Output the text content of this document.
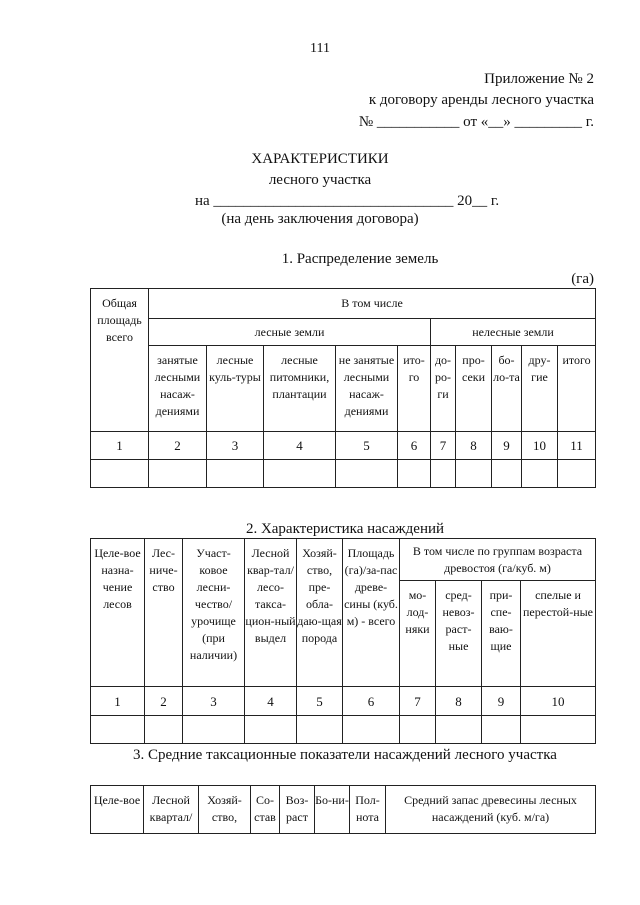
111
Приложение № 2
к договору аренды лесного участка
№ ___________ от «__» _________ г.
ХАРАКТЕРИСТИКИ
лесного участка
на ________________________________ 20__ г.
(на день заключения договора)
1. Распределение земель
(га)
Общая площадь всего	В том числе									
	лесные земли					нелесные земли				
	занятые лесными насаж-дениями	лесные куль-туры	лесные питомники, плантации	не занятые лесными насаж-дениями	ито-го	до-ро-ги	про-секи	бо-ло-та	дру-гие	итого
1	2	3	4	5	6	7	8	9	10	11

2. Характеристика насаждений
Целе-вое назна-чение лесов	Лес-ниче-ство	Участ-ковое лесни-чество/ урочище (при наличии)	Лесной квар-тал/ лесо-такса-цион-ный выдел	Хозяй-ство, пре-обла-даю-щая порода	Площадь (га)/за-пас древе-сины (куб. м) - всего	В том числе по группам возраста древостоя (га/куб. м)			
						мо-лод-няки	сред-невоз-раст-ные	при-спе-ваю-щие	спелые и перестой-ные
1	2	3	4	5	6	7	8	9	10

3. Средние таксационные показатели насаждений лесного участка
Целе-вое	Лесной квартал/	Хозяй-ство,	Со-став	Воз-раст	Бо-ни-	Пол-нота	Средний запас древесины лесных насаждений (куб. м/га)
